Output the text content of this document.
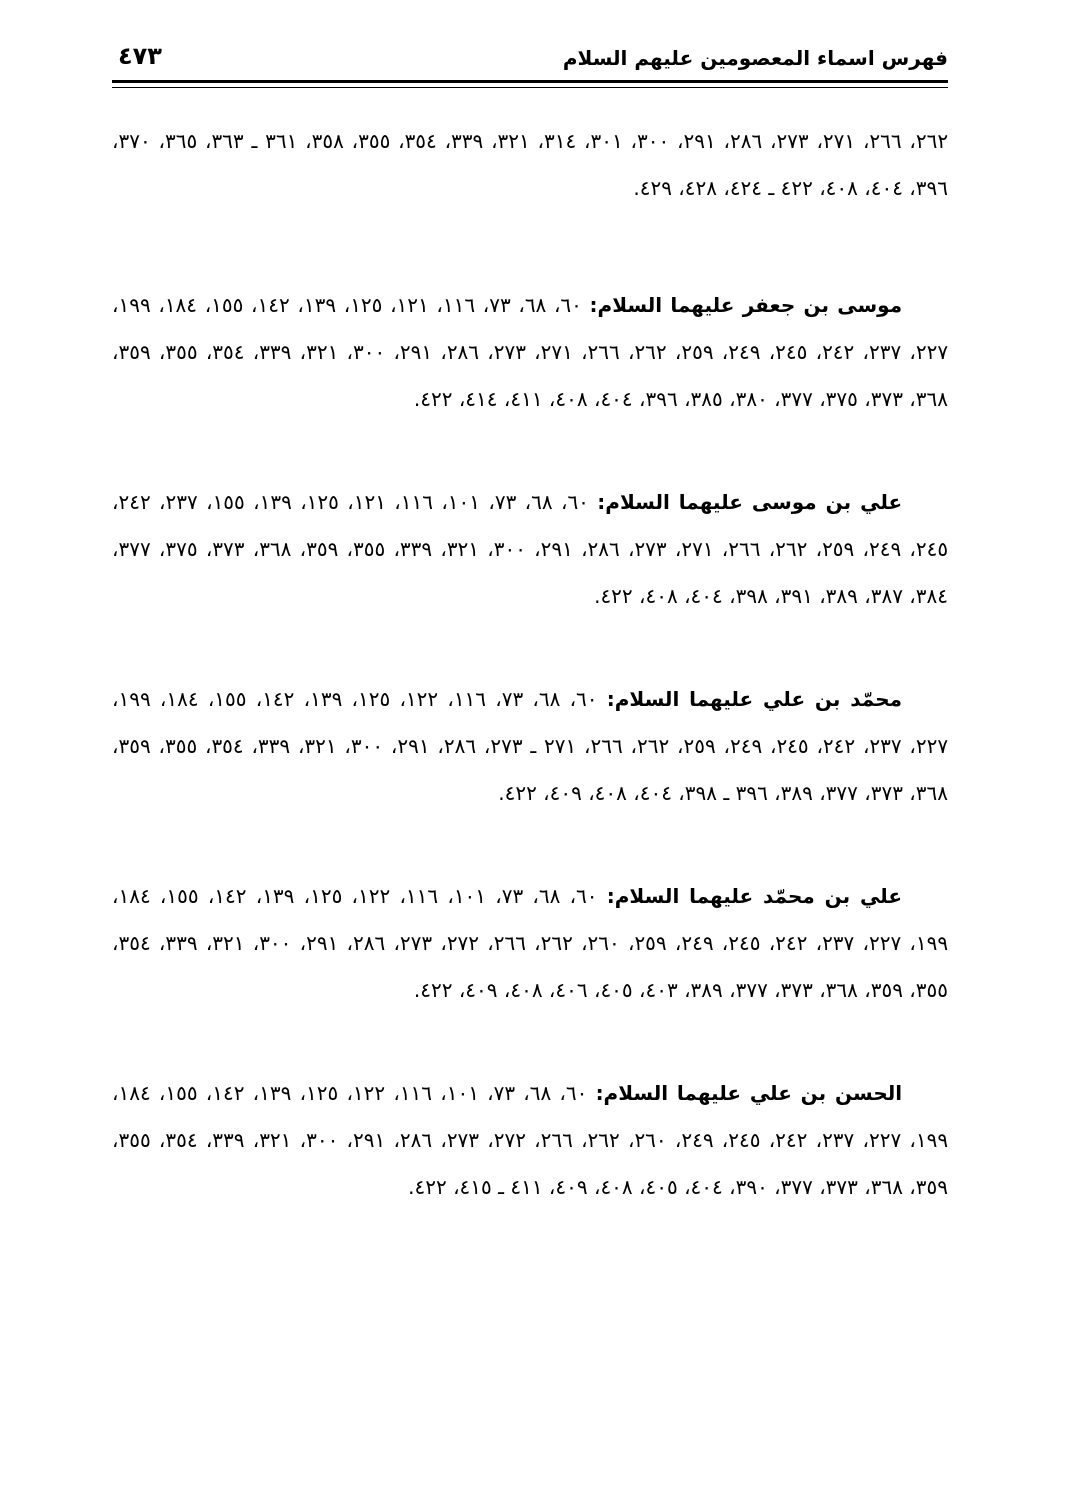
فهرس اسماء المعصومين عليهم السلام
٤٧٣

٢٦٢، ٢٦٦، ٢٧١، ٢٧٣، ٢٨٦، ٢٩١، ٣٠٠، ٣٠١، ٣١٤، ٣٢١، ٣٣٩، ٣٥٤، ٣٥٥، ٣٥٨، ٣٦١ ـ ٣٦٣، ٣٦٥، ٣٧٠، ٣٩٦، ٤٠٤، ٤٠٨، ٤٢٢ ـ ٤٢٤، ٤٢٨، ٤٢٩.

موسى بن جعفر عليهما السلام: ٦٠، ٦٨، ٧٣، ١١٦، ١٢١، ١٢٥، ١٣٩، ١٤٢، ١٥٥، ١٨٤، ١٩٩، ٢٢٧، ٢٣٧، ٢٤٢، ٢٤٥، ٢٤٩، ٢٥٩، ٢٦٢، ٢٦٦، ٢٧١، ٢٧٣، ٢٨٦، ٢٩١، ٣٠٠، ٣٢١، ٣٣٩، ٣٥٤، ٣٥٥، ٣٥٩، ٣٦٨، ٣٧٣، ٣٧٥، ٣٧٧، ٣٨٠، ٣٨٥، ٣٩٦، ٤٠٤، ٤٠٨، ٤١١، ٤١٤، ٤٢٢.

علي بن موسى عليهما السلام: ٦٠، ٦٨، ٧٣، ١٠١، ١١٦، ١٢١، ١٢٥، ١٣٩، ١٥٥، ٢٣٧، ٢٤٢، ٢٤٥، ٢٤٩، ٢٥٩، ٢٦٢، ٢٦٦، ٢٧١، ٢٧٣، ٢٨٦، ٢٩١، ٣٠٠، ٣٢١، ٣٣٩، ٣٥٥، ٣٥٩، ٣٦٨، ٣٧٣، ٣٧٥، ٣٧٧، ٣٨٤، ٣٨٧، ٣٨٩، ٣٩١، ٣٩٨، ٤٠٤، ٤٠٨، ٤٢٢.

محمّد بن علي عليهما السلام: ٦٠، ٦٨، ٧٣، ١١٦، ١٢٢، ١٢٥، ١٣٩، ١٤٢، ١٥٥، ١٨٤، ١٩٩، ٢٢٧، ٢٣٧، ٢٤٢، ٢٤٥، ٢٤٩، ٢٥٩، ٢٦٢، ٢٦٦، ٢٧١ ـ ٢٧٣، ٢٨٦، ٢٩١، ٣٠٠، ٣٢١، ٣٣٩، ٣٥٤، ٣٥٥، ٣٥٩، ٣٦٨، ٣٧٣، ٣٧٧، ٣٨٩، ٣٩٦ ـ ٣٩٨، ٤٠٤، ٤٠٨، ٤٠٩، ٤٢٢.

علي بن محمّد عليهما السلام: ٦٠، ٦٨، ٧٣، ١٠١، ١١٦، ١٢٢، ١٢٥، ١٣٩، ١٤٢، ١٥٥، ١٨٤، ١٩٩، ٢٢٧، ٢٣٧، ٢٤٢، ٢٤٥، ٢٤٩، ٢٥٩، ٢٦٠، ٢٦٢، ٢٦٦، ٢٧٢، ٢٧٣، ٢٨٦، ٢٩١، ٣٠٠، ٣٢١، ٣٣٩، ٣٥٤، ٣٥٥، ٣٥٩، ٣٦٨، ٣٧٣، ٣٧٧، ٣٨٩، ٤٠٣، ٤٠٥، ٤٠٦، ٤٠٨، ٤٠٩، ٤٢٢.

الحسن بن علي عليهما السلام: ٦٠، ٦٨، ٧٣، ١٠١، ١١٦، ١٢٢، ١٢٥، ١٣٩، ١٤٢، ١٥٥، ١٨٤، ١٩٩، ٢٢٧، ٢٣٧، ٢٤٢، ٢٤٥، ٢٤٩، ٢٦٠، ٢٦٢، ٢٦٦، ٢٧٢، ٢٧٣، ٢٨٦، ٢٩١، ٣٠٠، ٣٢١، ٣٣٩، ٣٥٤، ٣٥٥، ٣٥٩، ٣٦٨، ٣٧٣، ٣٧٧، ٣٩٠، ٤٠٤، ٤٠٥، ٤٠٨، ٤٠٩، ٤١١ ـ ٤١٥، ٤٢٢.
